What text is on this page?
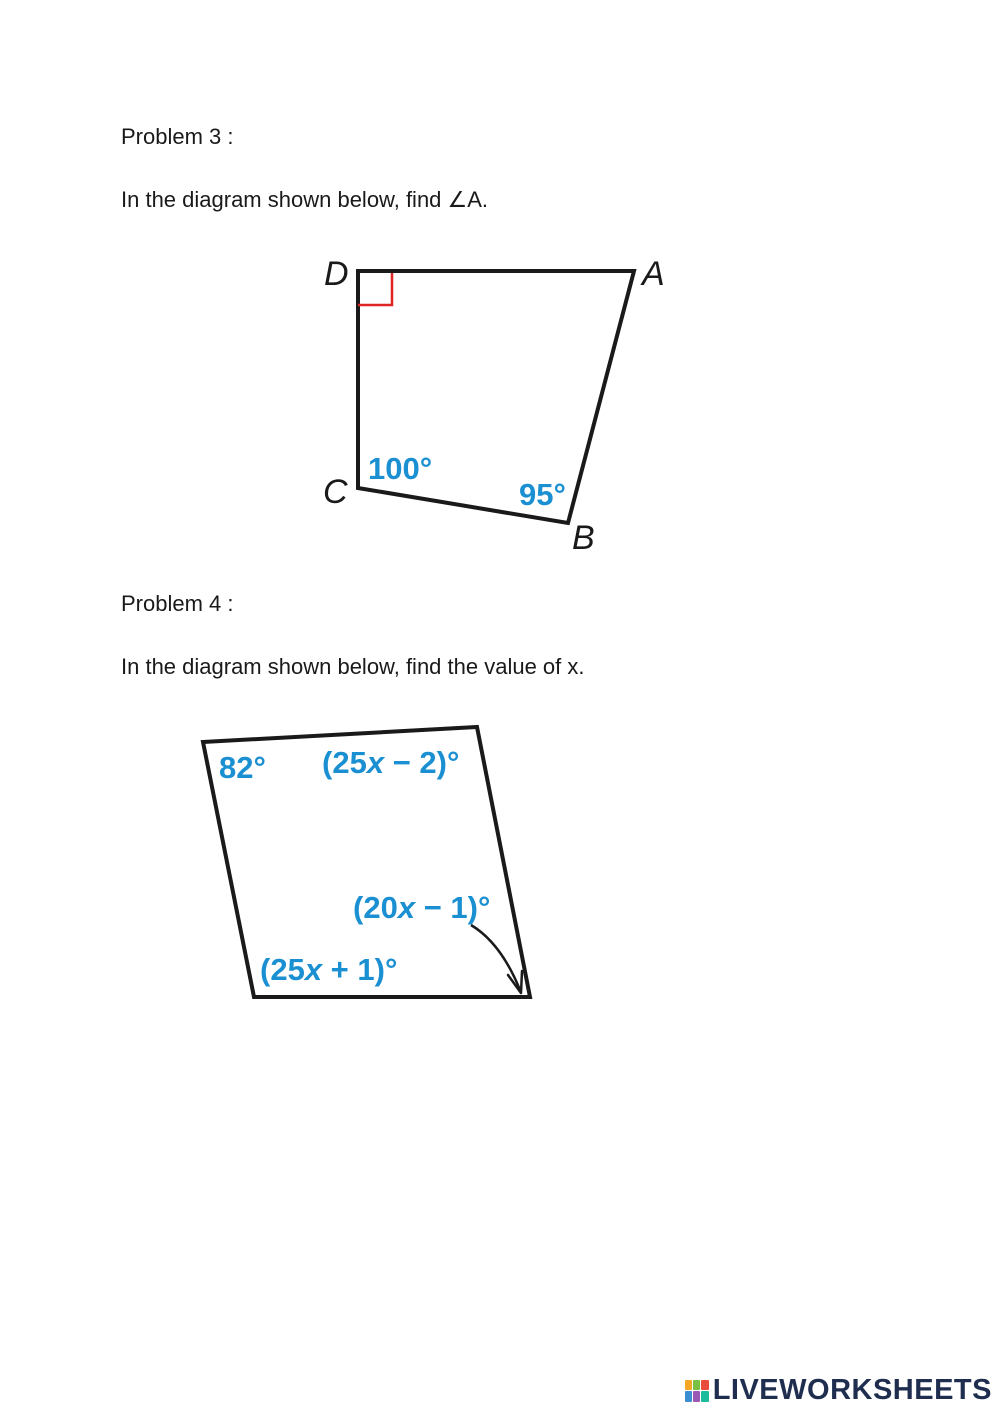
Problem 3 :
In the diagram shown below, find ∠A.
D	A
C
B
100°
95°
Problem 4 :
In the diagram shown below, find the value of x.
82° (25x − 2)°
(20x − 1)°
(25x + 1)°
LIVEWORKSHEETS
